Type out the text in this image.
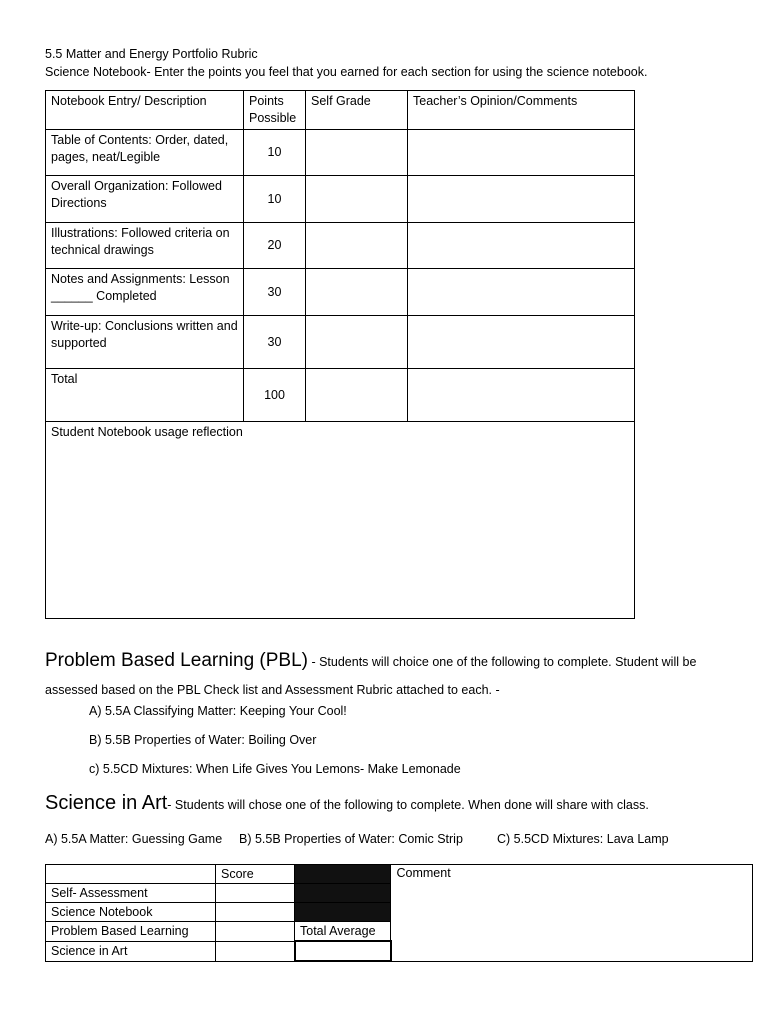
5.5 Matter and Energy Portfolio Rubric
Science Notebook- Enter the points you feel that you earned for each section for using the science notebook.
Notebook Entry/ Description	Points Possible	Self Grade	Teacher’s Opinion/Comments
Table of Contents: Order, dated, pages, neat/Legible	10		
Overall Organization: Followed Directions	10		
Illustrations: Followed criteria on technical drawings	20		
Notes and Assignments: Lesson ______ Completed	30		
Write-up: Conclusions written and supported	30		
Total	100		
Student Notebook usage reflection			
Problem Based Learning (PBL) - Students will choice one of the following to complete. Student will be assessed based on the PBL Check list and Assessment Rubric attached to each. -
A) 5.5A Classifying Matter: Keeping Your Cool!
B) 5.5B Properties of Water: Boiling Over
c) 5.5CD Mixtures: When Life Gives You Lemons- Make Lemonade
Science in Art- Students will chose one of the following to complete. When done will share with class.
A) 5.5A Matter: Guessing Game B) 5.5B Properties of Water: Comic Strip	C) 5.5CD Mixtures: Lava Lamp
	Score		Comment
Self- Assessment			
Science Notebook			
Problem Based Learning		Total Average	
Science in Art			
